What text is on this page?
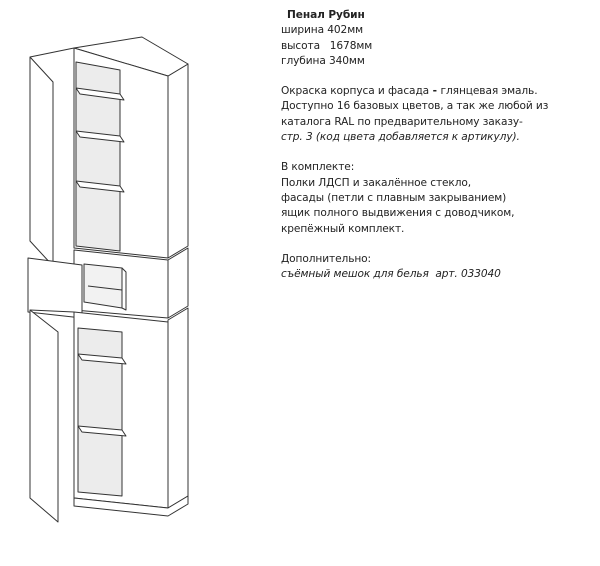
Пенал Рубин
ширина 402мм
высота   1678мм
глубина 340мм
Окраска корпуса и фасада - глянцевая эмаль.
Доступно 16 базовых цветов, а так же любой из
каталога RAL по предварительному заказу-
стр. 3 (код цвета добавляется к артикулу).
В комплекте:
Полки ЛДСП и закалённое стекло,
фасады (петли с плавным закрыванием)
ящик полного выдвижения с доводчиком,
крепёжный комплект.
Дополнительно:
съёмный мешок для белья  арт. 033040
